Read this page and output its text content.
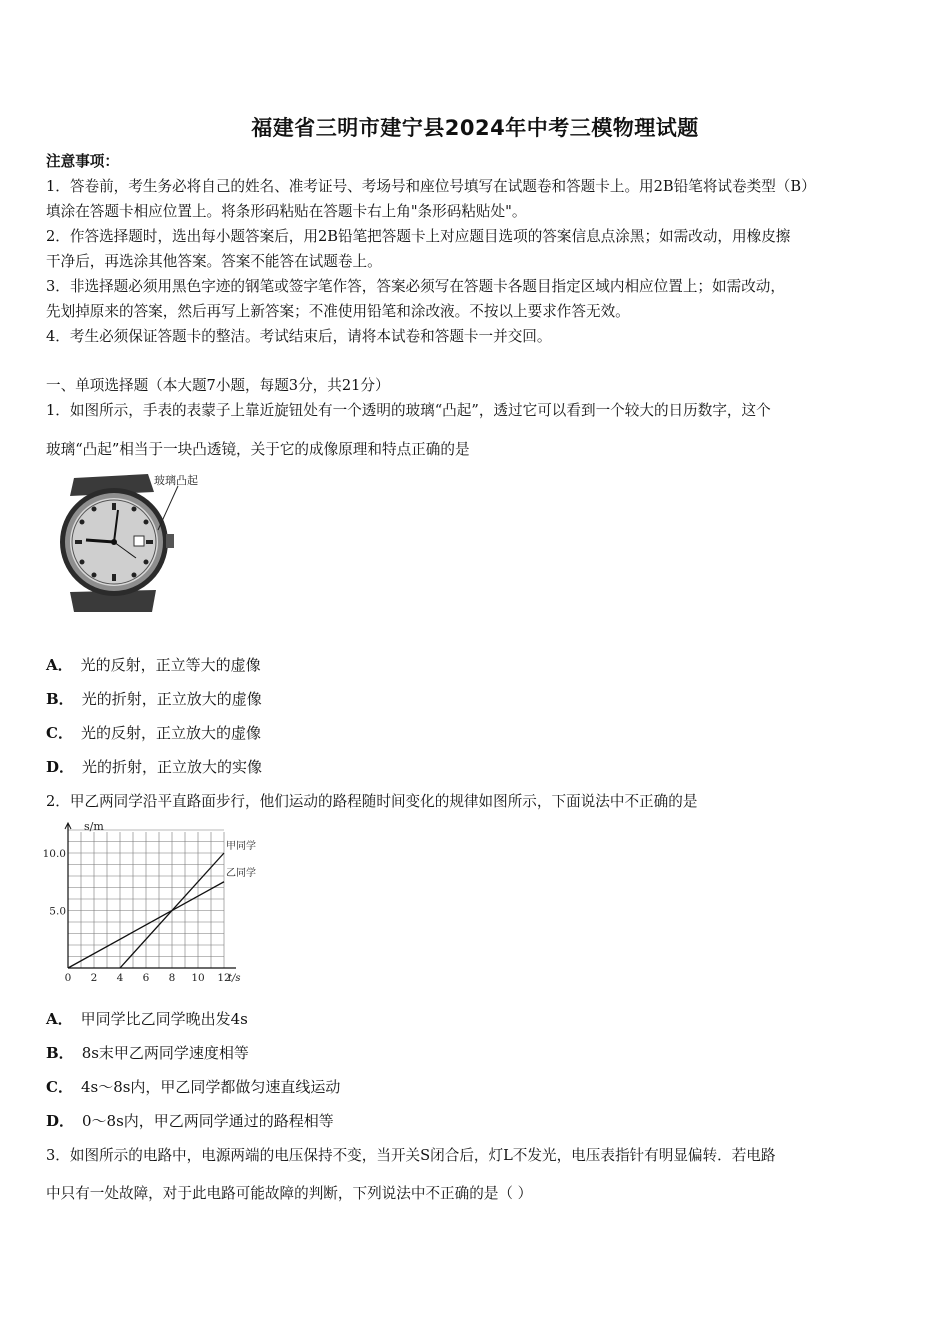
福建省三明市建宁县2024年中考三模物理试题
注意事项：
1．答卷前，考生务必将自己的姓名、准考证号、考场号和座位号填写在试题卷和答题卡上。用2B铅笔将试卷类型（B）
填涂在答题卡相应位置上。将条形码粘贴在答题卡右上角"条形码粘贴处"。
2．作答选择题时，选出每小题答案后，用2B铅笔把答题卡上对应题目选项的答案信息点涂黑；如需改动，用橡皮擦
干净后，再选涂其他答案。答案不能答在试题卷上。
3．非选择题必须用黑色字迹的钢笔或签字笔作答，答案必须写在答题卡各题目指定区域内相应位置上；如需改动，
先划掉原来的答案，然后再写上新答案；不准使用铅笔和涂改液。不按以上要求作答无效。
4．考生必须保证答题卡的整洁。考试结束后，请将本试卷和答题卡一并交回。
一、单项选择题（本大题7小题，每题3分，共21分）
1．如图所示，手表的表蒙子上靠近旋钮处有一个透明的玻璃“凸起”，透过它可以看到一个较大的日历数字，这个
玻璃“凸起”相当于一块凸透镜，关于它的成像原理和特点正确的是
玻璃凸起
A． 光的反射，正立等大的虚像
B． 光的折射，正立放大的虚像
C． 光的反射，正立放大的虚像
D． 光的折射，正立放大的实像
2．甲乙两同学沿平直路面步行，他们运动的路程随时间变化的规律如图所示，下面说法中不正确的是
s/m
t/s
0 2 4 6 8 10 12
5.0
10.0
甲同学
乙同学
A． 甲同学比乙同学晚出发4s
B． 8s末甲乙两同学速度相等
C． 4s～8s内，甲乙同学都做匀速直线运动
D． 0～8s内，甲乙两同学通过的路程相等
3．如图所示的电路中，电源两端的电压保持不变，当开关S闭合后，灯L不发光，电压表指针有明显偏转．若电路
中只有一处故障，对于此电路可能故障的判断，下列说法中不正确的是（ ）
